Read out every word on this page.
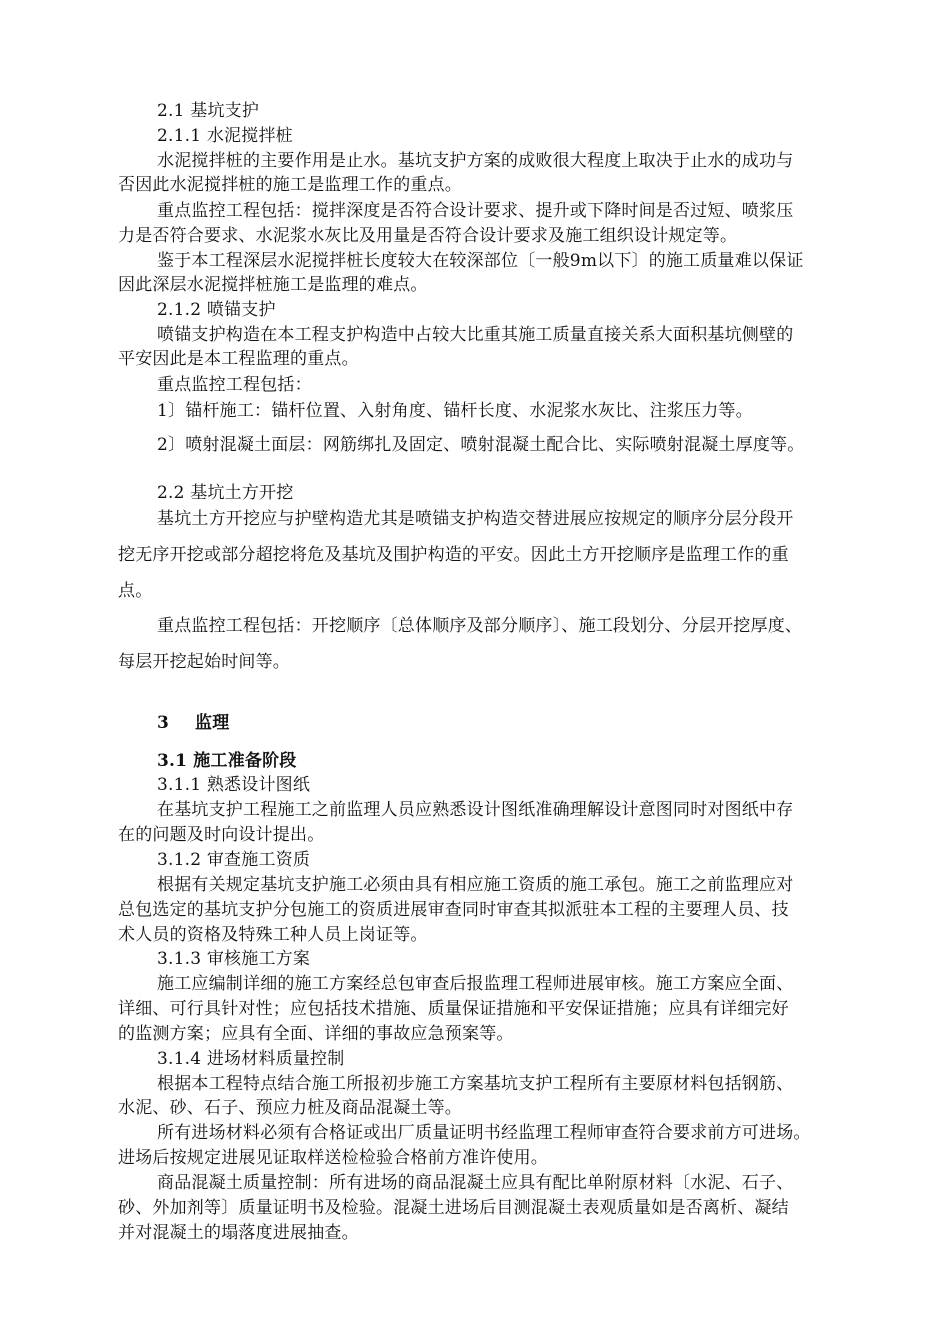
2.1 基坑支护
2.1.1 水泥搅拌桩
水泥搅拌桩的主要作用是止水。基坑支护方案的成败很大程度上取决于止水的成功与
否因此水泥搅拌桩的施工是监理工作的重点。
重点监控工程包括：搅拌深度是否符合设计要求、提升或下降时间是否过短、喷浆压
力是否符合要求、水泥浆水灰比及用量是否符合设计要求及施工组织设计规定等。
鉴于本工程深层水泥搅拌桩长度较大在较深部位〔一般9m以下〕的施工质量难以保证
因此深层水泥搅拌桩施工是监理的难点。
2.1.2 喷锚支护
喷锚支护构造在本工程支护构造中占较大比重其施工质量直接关系大面积基坑侧壁的
平安因此是本工程监理的重点。
重点监控工程包括：
1〕锚杆施工：锚杆位置、入射角度、锚杆长度、水泥浆水灰比、注浆压力等。
2〕喷射混凝土面层：网筋绑扎及固定、喷射混凝土配合比、实际喷射混凝土厚度等。
2.2 基坑土方开挖
基坑土方开挖应与护壁构造尤其是喷锚支护构造交替进展应按规定的顺序分层分段开
挖无序开挖或部分超挖将危及基坑及围护构造的平安。因此土方开挖顺序是监理工作的重
点。
重点监控工程包括：开挖顺序〔总体顺序及部分顺序〕、施工段划分、分层开挖厚度、
每层开挖起始时间等。
3 监理
3.1 施工准备阶段
3.1.1 熟悉设计图纸
在基坑支护工程施工之前监理人员应熟悉设计图纸准确理解设计意图同时对图纸中存
在的问题及时向设计提出。
3.1.2 审查施工资质
根据有关规定基坑支护施工必须由具有相应施工资质的施工承包。施工之前监理应对
总包选定的基坑支护分包施工的资质进展审查同时审查其拟派驻本工程的主要理人员、技
术人员的资格及特殊工种人员上岗证等。
3.1.3 审核施工方案
施工应编制详细的施工方案经总包审查后报监理工程师进展审核。施工方案应全面、
详细、可行具针对性；应包括技术措施、质量保证措施和平安保证措施；应具有详细完好
的监测方案；应具有全面、详细的事故应急预案等。
3.1.4 进场材料质量控制
根据本工程特点结合施工所报初步施工方案基坑支护工程所有主要原材料包括钢筋、
水泥、砂、石子、预应力桩及商品混凝土等。
所有进场材料必须有合格证或出厂质量证明书经监理工程师审查符合要求前方可进场。
进场后按规定进展见证取样送检检验合格前方准许使用。
商品混凝土质量控制：所有进场的商品混凝土应具有配比单附原材料〔水泥、石子、
砂、外加剂等〕质量证明书及检验。混凝土进场后目测混凝土表观质量如是否离析、凝结
并对混凝土的塌落度进展抽查。
